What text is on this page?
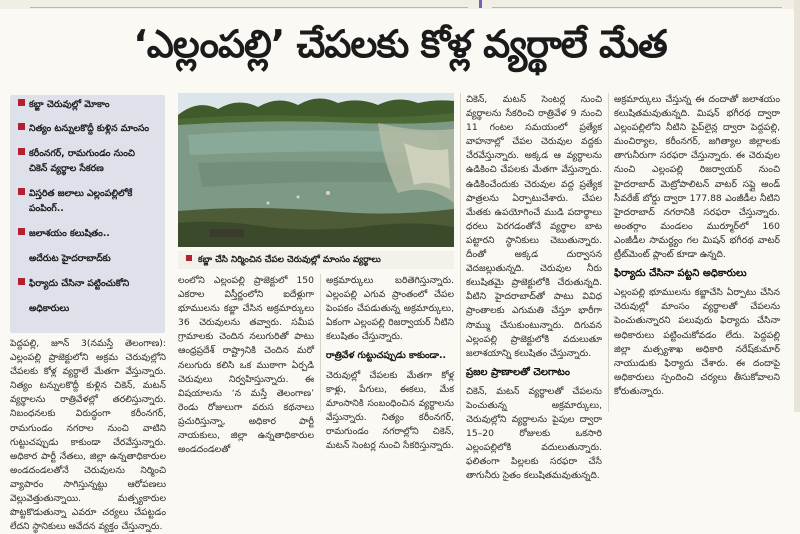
‘ఎల్లంపల్లి’ చేపలకు కోళ్ల వ్యర్థాలే మేత
కబ్జా చెరువుల్లో మోకాం
నిత్యం టన్నులకొద్దీ కుళ్లిన మాంసం
కరీంనగర్, రామగుండం నుంచి
చికెన్ వ్యర్థాల సేకరణ
విస్తరిత జలాలు ఎల్లంపల్లిలోకే
పంపింగ్..
జలాశయం కలుషితం..
అదేరుట హైదరాబాద్‌కు
ఫిర్యాదు చేసినా పట్టించుకోని
అధికారులు

పెద్దపల్లి, జూన్ 3(నమస్తే తెలంగాణ): ఎల్లంపల్లి ప్రాజెక్టులోని అక్రమ చెరువుల్లోని చేపలకు కోళ్ల వ్యర్థాలే మేతగా వేస్తున్నారు. నిత్యం టన్నులకొద్దీ కుళ్లిన చికెన్, మటన్ వ్యర్థాలను రాత్రివేళల్లో తరలిస్తున్నారు. నిబంధనలకు విరుద్ధంగా కరీంనగర్, రామగుండం నగరాల నుంచి వాటిని గుట్టుచప్పుడు కాకుండా చేరవేస్తున్నారు. అధికార పార్టీ నేతలు, జిల్లా ఉన్నతాధికారుల అండదండలతోనే చెరువులను నిర్మించి వ్యాపారం సాగిస్తున్నట్టు ఆరోపణలు వెల్లువెత్తుతున్నాయి. మత్స్యకారుల పొట్టకొడుతున్నా ఎవరూ చర్యలు చేపట్టడం లేదని స్థానికులు ఆవేదన వ్యక్తం చేస్తున్నారు.

కబ్జా చేసి నిర్మించిన చేపల చెరువుల్లో మాంసం వ్యర్థాలు

లంలోని ఎల్లంపల్లి ప్రాజెక్టులో 150 ఎకరాల విస్తీర్ణంలోని ఐదేళ్లుగా భూములను కబ్జా చేసిన అక్రమార్కులు 36 చెరువులను తవ్వారు. సమీప గ్రామాలకు చెందిన నలుగురితో పాటు ఆంధ్రప్రదేశ్ రాష్ట్రానికి చెందిన మరో నలుగురు కలిసి ఒక ముఠాగా ఏర్పడి చెరువులు నిర్వహిస్తున్నారు. ఈ విషయాలను ‘న మస్తే తెలంగాణ’ రెండు రోజులుగా వరుస కథనాలు ప్రచురిస్తున్నా, అధికార పార్టీ నాయకులు, జిల్లా ఉన్నతాధికారుల అండదండలతో

అక్రమార్కులు బరితెగిస్తున్నారు. ఎల్లంపల్లి ఎగువ ప్రాంతంలో చేపల పెంపకం చేపడుతున్న అక్రమార్కులు, ఏకంగా ఎల్లంపల్లి రిజర్వాయర్ నీటిని కలుషితం చేస్తున్నారు.

రాత్రివేళ గుట్టుచప్పుడు కాకుండా..

చెరువుల్లో చేపలకు మేతగా కోళ్ల కాళ్లు, పేగులు, ఈకలు, మేక మాంసానికి సంబంధించిన వ్యర్థాలను వేస్తున్నారు. నిత్యం కరీంనగర్, రామగుండం నగరాల్లోని చికెన్, మటన్ సెంటర్ల నుంచి సేకరిస్తున్నారు.

చికెన్, మటన్ సెంటర్ల నుంచి వ్యర్థాలను సేకరించి రాత్రివేళ 9 నుంచి 11 గంటల సమయంలో ప్రత్యేక వాహనాల్లో చేపల చెరువుల వద్దకు చేరవేస్తున్నారు. అక్కడ ఆ వ్యర్థాలను ఉడికించి చేపలకు మేతగా వేస్తున్నారు. ఉడికించేందుకు చెరువుల వద్ద ప్రత్యేక పాత్రలను ఏర్పాటుచేశారు. చేపల మేతకు ఉపయోగించే ముడి పదార్థాలు ధరలు పెరగడంతోనే వ్యర్థాల బాట పట్టారని స్థానికులు చెబుతున్నారు. దీంతో అక్కడ దుర్వాసన వెదజల్లుతున్నది. చెరువుల నీరు కలుషితమై ప్రాజెక్టులోకి చేరుతున్నది. వీటిని హైదరాబాద్‌తో పాటు వివిధ ప్రాంతాలకు ఎగుమతి చేస్తూ భారీగా సొమ్ము చేసుకుంటున్నారు. దిగువన ఎల్లంపల్లి ప్రాజెక్టులోకి వదులుతూ జలాశయాన్ని కలుషితం చేస్తున్నారు.

ప్రజల ప్రాణాలతో చెలగాటం

చికెన్, మటన్ వ్యర్థాలతో చేపలను పెంచుతున్న అక్రమార్కులు, చెరువుల్లోని వ్యర్థాలను పైపుల ద్వారా 15–20 రోజులకు ఒకసారి ఎల్లంపల్లిలోకి వదులుతున్నారు. ఫలితంగా పిల్లలకు సరఫరా చేసే తాగునీరు సైతం కలుషితమవుతున్నది.

అక్రమార్కులు చేస్తున్న ఈ దందాతో జలాశయం కలుషితమవుతున్నది. మిషన్ భగీరథ ద్వారా ఎల్లంపల్లిలోని నీటిని పైప్‌లైన్ల ద్వారా పెద్దపల్లి, మంచిర్యాల, కరీంనగర్, జగిత్యాల జిల్లాలకు తాగునీరుగా సరఫరా చేస్తున్నారు. ఈ చెరువుల నుంచి ఎల్లంపల్లి రిజర్వాయర్ నుంచి హైదరాబాద్ మెట్రోపాలిటన్ వాటర్ సప్లై అండ్ సీవరేజ్ బోర్డు ద్వారా 177.88 ఎంజీడీల నీటిని హైదరాబాద్ నగరానికి సరఫరా చేస్తున్నారు. అంతర్గాం మండలం ముర్మూర్‌లో 160 ఎంజీడీల సామర్థ్యం గల మిషన్ భగీరథ వాటర్ ట్రీట్‌మెంట్ ప్లాంట్ కూడా ఉన్నది.

ఫిర్యాదు చేసినా పట్టని అధికారులు

ఎల్లంపల్లి భూములను కబ్జాచేసి ఏర్పాటు చేసిన చెరువుల్లో మాంసం వ్యర్థాలతో చేపలను పెంచుతున్నారని పలువురు ఫిర్యాదు చేసినా అధికారులు పట్టించుకోవడం లేదు. పెద్దపల్లి జిల్లా మత్స్యశాఖ అధికారి నరేష్‌కుమార్ నాయుడుకు ఫిర్యాదు చేశారు. ఈ దందాపై అధికారులు స్పందించి చర్యలు తీసుకోవాలని కోరుతున్నారు.
